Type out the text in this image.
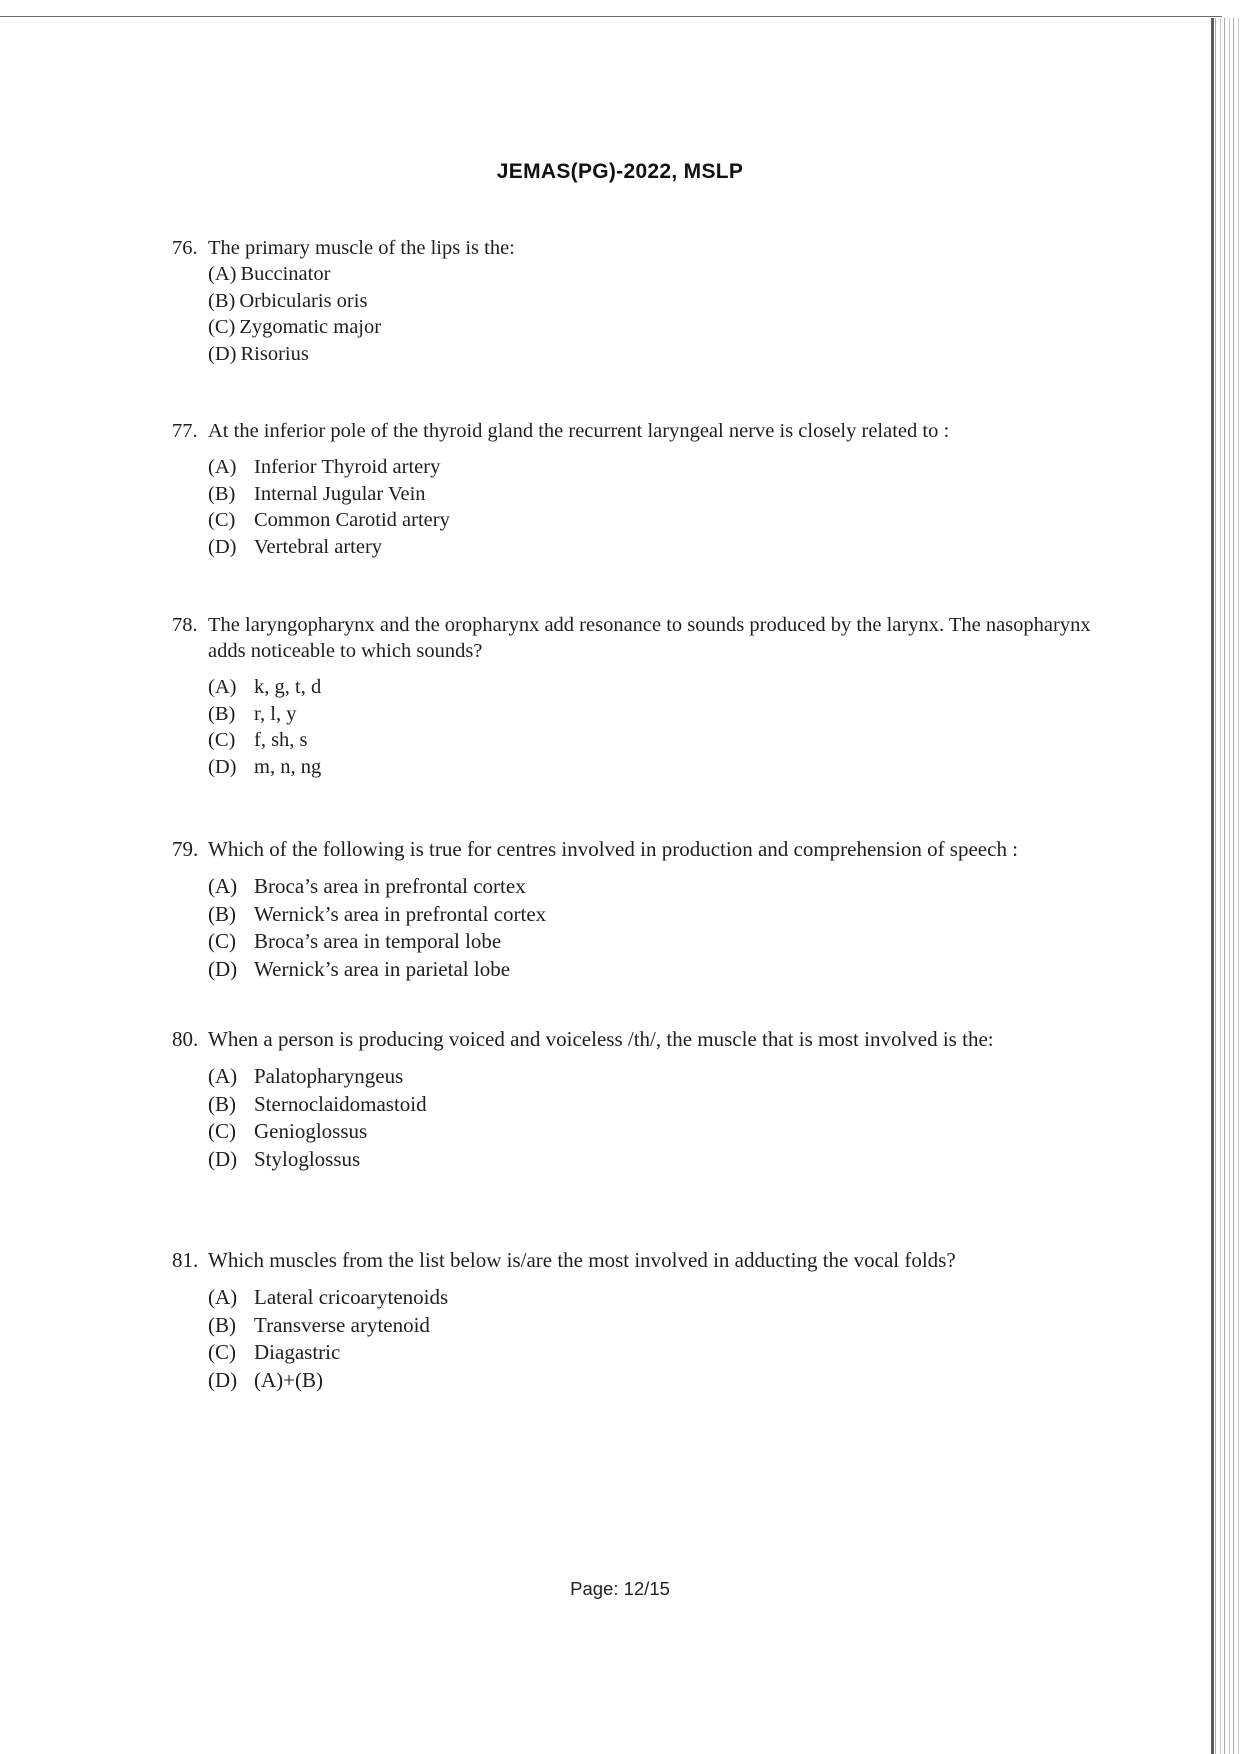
JEMAS(PG)-2022, MSLP
76. The primary muscle of the lips is the:
(A) Buccinator
(B) Orbicularis oris
(C) Zygomatic major
(D) Risorius
77. At the inferior pole of the thyroid gland the recurrent laryngeal nerve is closely related to :
(A) Inferior Thyroid artery
(B) Internal Jugular Vein
(C) Common Carotid artery
(D) Vertebral artery
78. The laryngopharynx and the oropharynx add resonance to sounds produced by the larynx. The nasopharynx adds noticeable to which sounds?
(A) k, g, t, d
(B) r, l, y
(C) f, sh, s
(D) m, n, ng
79. Which of the following is true for centres involved in production and comprehension of speech :
(A) Broca’s area in prefrontal cortex
(B) Wernick’s area in prefrontal cortex
(C) Broca’s area in temporal lobe
(D) Wernick’s area in parietal lobe
80. When a person is producing voiced and voiceless /th/, the muscle that is most involved is the:
(A) Palatopharyngeus
(B) Sternoclaidomastoid
(C) Genioglossus
(D) Styloglossus
81. Which muscles from the list below is/are the most involved in adducting the vocal folds?
(A) Lateral cricoarytenoids
(B) Transverse arytenoid
(C) Diagastric
(D) (A)+(B)
Page: 12/15
